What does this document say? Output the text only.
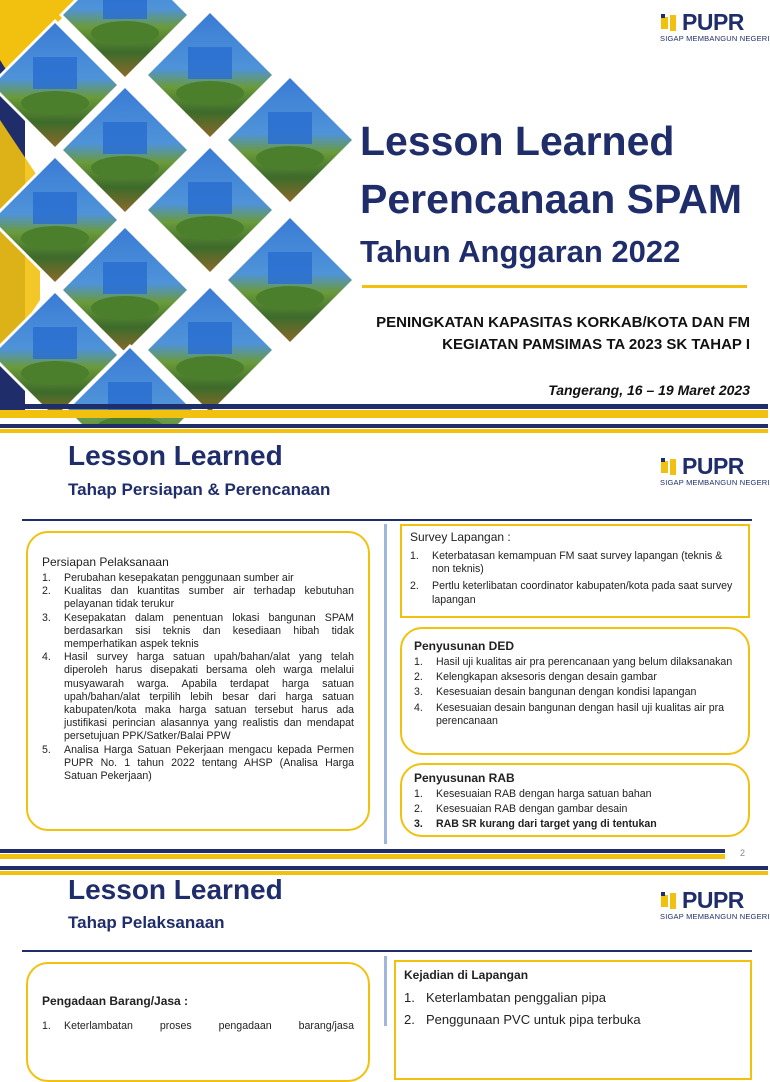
PUPR
SIGAP MEMBANGUN NEGERI
Lesson Learned
Perencanaan SPAM
Tahun Anggaran 2022
PENINGKATAN KAPASITAS KORKAB/KOTA DAN FM
KEGIATAN PAMSIMAS TA 2023 SK TAHAP I
Tangerang, 16 – 19 Maret 2023
Lesson Learned
Tahap Persiapan & Perencanaan
PUPR
SIGAP MEMBANGUN NEGERI
Persiapan Pelaksanaan
1. Perubahan kesepakatan penggunaan sumber air
2. Kualitas dan kuantitas sumber air terhadap kebutuhan pelayanan tidak terukur
3. Kesepakatan dalam penentuan lokasi bangunan SPAM berdasarkan sisi teknis dan kesediaan hibah tidak memperhatikan aspek teknis
4. Hasil survey harga satuan upah/bahan/alat yang telah diperoleh harus disepakati bersama oleh warga melalui musyawarah warga. Apabila terdapat harga satuan upah/bahan/alat terpilih lebih besar dari harga satuan kabupaten/kota maka harga satuan tersebut harus ada justifikasi perincian alasannya yang realistis dan mendapat persetujuan PPK/Satker/Balai PPW
5. Analisa Harga Satuan Pekerjaan mengacu kepada Permen PUPR No. 1 tahun 2022 tentang AHSP (Analisa Harga Satuan Pekerjaan)
Survey Lapangan :
1. Keterbatasan kemampuan FM saat survey lapangan (teknis & non teknis)
2. Pertlu keterlibatan coordinator kabupaten/kota pada saat survey lapangan
Penyusunan DED
1. Hasil uji kualitas air pra perencanaan yang belum dilaksanakan
2. Kelengkapan aksesoris dengan desain gambar
3. Kesesuaian desain bangunan dengan kondisi lapangan
4. Kesesuaian desain bangunan dengan hasil uji kualitas air pra perencanaan
Penyusunan RAB
1. Kesesuaian RAB dengan harga satuan bahan
2. Kesesuaian RAB dengan gambar desain
3. RAB SR kurang dari target yang di tentukan
2
Lesson Learned
Tahap Pelaksanaan
PUPR
SIGAP MEMBANGUN NEGERI
Pengadaan Barang/Jasa :
1. Keterlambatan proses pengadaan barang/jasa
Kejadian di Lapangan
1. Keterlambatan penggalian pipa
2. Penggunaan PVC untuk pipa terbuka
